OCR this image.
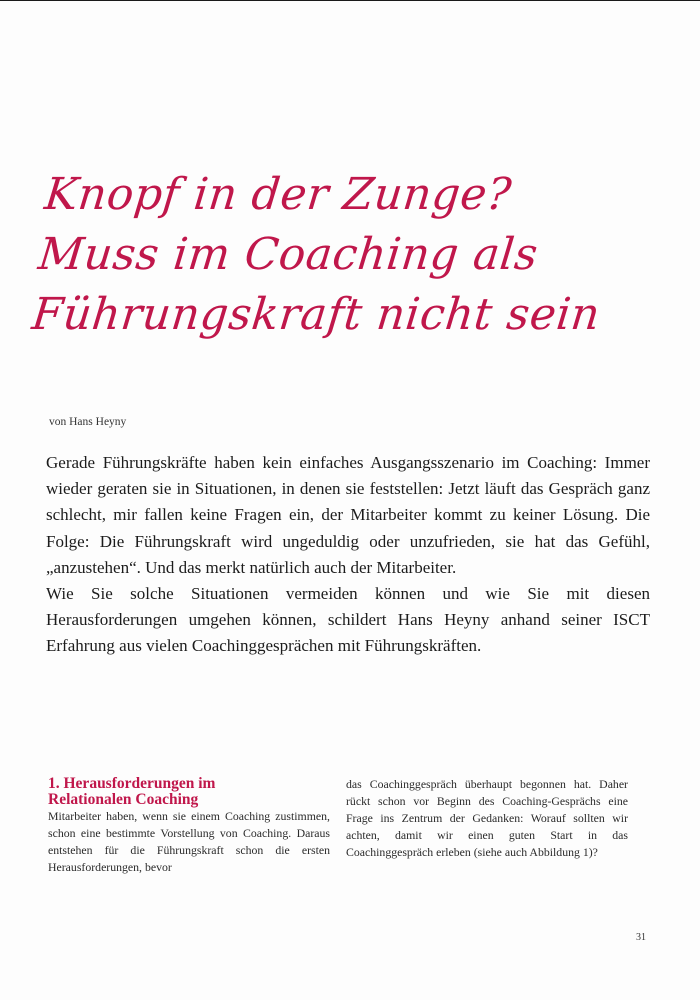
Knopf in der Zunge?
Muss im Coaching als
Führungskraft nicht sein
von Hans Heyny

Gerade Führungskräfte haben kein einfaches Ausgangsszenario im Coaching: Immer wieder geraten sie in Situationen, in denen sie feststellen: Jetzt läuft das Gespräch ganz schlecht, mir fallen keine Fragen ein, der Mitarbeiter kommt zu keiner Lösung. Die Folge: Die Führungskraft wird ungeduldig oder unzufrieden, sie hat das Gefühl, „anzustehen“. Und das merkt natürlich auch der Mitarbeiter.

Wie Sie solche Situationen vermeiden können und wie Sie mit diesen Herausforderungen umgehen können, schildert Hans Heyny anhand seiner ISCT Erfahrung aus vielen Coachinggesprächen mit Führungskräften.

1. Herausforderungen im
Relationalen Coaching

Mitarbeiter haben, wenn sie einem Coaching zustimmen, schon eine bestimmte Vorstellung von Coaching. Daraus entstehen für die Führungskraft schon die ersten Herausforderungen, bevor

das Coachinggespräch überhaupt begonnen hat. Daher rückt schon vor Beginn des Coaching-Gesprächs eine Frage ins Zentrum der Gedanken: Worauf sollten wir achten, damit wir einen guten Start in das Coachinggespräch erleben (siehe auch Abbildung 1)?

31
